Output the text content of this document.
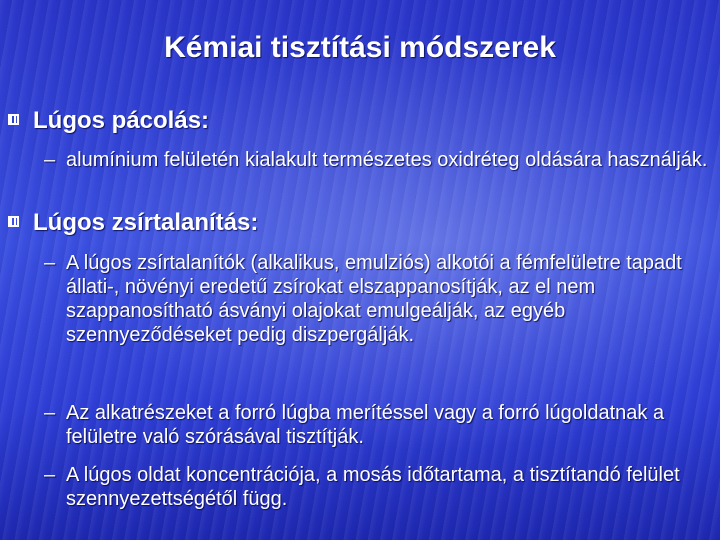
Kémiai tisztítási módszerek
Lúgos pácolás:
– alumínium felületén kialakult természetes oxidréteg oldására használják.
Lúgos zsírtalanítás:
– A lúgos zsírtalanítók (alkalikus, emulziós) alkotói a fémfelületre tapadt állati-, növényi eredetű zsírokat elszappanosítják, az el nem szappanosítható ásványi olajokat emulgeálják, az egyéb szennyeződéseket pedig diszpergálják.
– Az alkatrészeket a forró lúgba merítéssel vagy a forró lúgoldatnak a felületre való szórásával tisztítják.
– A lúgos oldat koncentrációja, a mosás időtartama, a tisztítandó felület szennyezettségétől függ.
